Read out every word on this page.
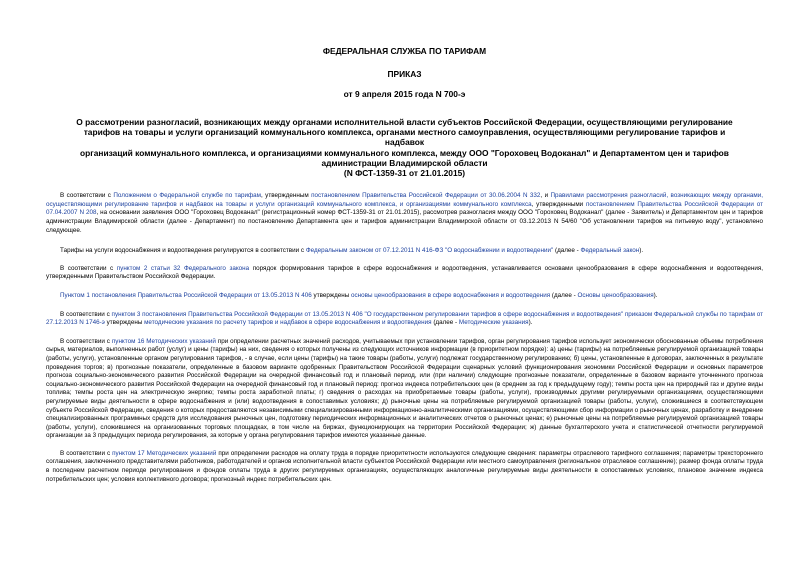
ФЕДЕРАЛЬНАЯ СЛУЖБА ПО ТАРИФАМ

ПРИКАЗ

от 9 апреля 2015 года N 700-э

О рассмотрении разногласий, возникающих между органами исполнительной власти субъектов Российской Федерации, осуществляющими регулирование
тарифов на товары и услуги организаций коммунального комплекса, органами местного самоуправления, осуществляющими регулирование тарифов и надбавок
организаций коммунального комплекса, и организациями коммунального комплекса, между ООО "Гороховец Водоканал" и Департаментом цен и тарифов
администрации Владимирской области
(N ФСТ-1359-31 от 21.01.2015)

В соответствии с Положением о Федеральной службе по тарифам, утвержденным постановлением Правительства Российской Федерации от 30.06.2004 N 332, и Правилами рассмотрения разногласий, возникающих между органами, осуществляющими регулирование тарифов и надбавок на товары и услуги организаций коммунального комплекса, и организациями коммунального комплекса, утвержденными постановлением Правительства Российской Федерации от 07.04.2007 N 208, на основании заявления ООО "Гороховец Водоканал" (регистрационный номер ФСТ-1359-31 от 21.01.2015), рассмотрев разногласия между ООО "Гороховец Водоканал" (далее - Заявитель) и Департаментом цен и тарифов администрации Владимирской области (далее - Департамент) по постановлению Департамента цен и тарифов администрации Владимирской области от 03.12.2013 N 54/60 "Об установлении тарифов на питьевую воду", установлено следующее.

Тарифы на услуги водоснабжения и водоотведения регулируются в соответствии с Федеральным законом от 07.12.2011 N 416-ФЗ "О водоснабжении и водоотведении" (далее - Федеральный закон).

В соответствии с пунктом 2 статьи 32 Федерального закона порядок формирования тарифов в сфере водоснабжения и водоотведения, устанавливается основами ценообразования в сфере водоснабжения и водоотведения, утвержденными Правительством Российской Федерации.

Пунктом 1 постановления Правительства Российской Федерации от 13.05.2013 N 406 утверждены основы ценообразования в сфере водоснабжения и водоотведения (далее - Основы ценообразования).

В соответствии с пунктом 3 постановления Правительства Российской Федерации от 13.05.2013 N 406 "О государственном регулировании тарифов в сфере водоснабжения и водоотведения" приказом Федеральной службы по тарифам от 27.12.2013 N 1746-э утверждены методические указания по расчету тарифов и надбавок в сфере водоснабжения и водоотведения (далее - Методические указания).

В соответствии с пунктом 16 Методических указаний при определении расчетных значений расходов, учитываемых при установлении тарифов, орган регулирования тарифов использует экономически обоснованные объемы потребления сырья, материалов, выполненных работ (услуг) и цены (тарифы) на них, сведения о которых получены из следующих источников информации (в приоритетном порядке): а) цены (тарифы) на потребляемые регулируемой организацией товары (работы, услуги), установленные органом регулирования тарифов, - в случае, если цены (тарифы) на такие товары (работы, услуги) подлежат государственному регулированию; б) цены, установленные в договорах, заключенных в результате проведения торгов; в) прогнозные показатели, определенные в базовом варианте одобренных Правительством Российской Федерации сценарных условий функционирования экономики Российской Федерации и основных параметров прогноза социально-экономического развития Российской Федерации на очередной финансовый год и плановый период, или (при наличии) следующие прогнозные показатели, определенные в базовом варианте уточненного прогноза социально-экономического развития Российской Федерации на очередной финансовый год и плановый период: прогноз индекса потребительских цен (в среднем за год к предыдущему году); темпы роста цен на природный газ и другие виды топлива; темпы роста цен на электрическую энергию; темпы роста заработной платы; г) сведения о расходах на приобретаемые товары (работы, услуги), производимых другими регулируемыми организациями, осуществляющими регулируемые виды деятельности в сфере водоснабжения и (или) водоотведения в сопоставимых условиях; д) рыночные цены на потребляемые регулируемой организацией товары (работы, услуги), сложившиеся в соответствующем субъекте Российской Федерации, сведения о которых предоставляются независимыми специализированными информационно-аналитическими организациями, осуществляющими сбор информации о рыночных ценах, разработку и внедрение специализированных программных средств для исследования рыночных цен, подготовку периодических информационных и аналитических отчетов о рыночных ценах; е) рыночные цены на потребляемые регулируемой организацией товары (работы, услуги), сложившиеся на организованных торговых площадках, в том числе на биржах, функционирующих на территории Российской Федерации; ж) данные бухгалтерского учета и статистической отчетности регулируемой организации за 3 предыдущих периода регулирования, за которые у органа регулирования тарифов имеются указанные данные.

В соответствии с пунктом 17 Методических указаний при определении расходов на оплату труда в порядке приоритетности используются следующие сведения: параметры отраслевого тарифного соглашения; параметры трехстороннего соглашения, заключенного представителями работников, работодателей и органов исполнительной власти субъектов Российской Федерации или местного самоуправления (региональное отраслевое соглашение); размер фонда оплаты труда в последнем расчетном периоде регулирования и фондов оплаты труда в других регулируемых организациях, осуществляющих аналогичные регулируемые виды деятельности в сопоставимых условиях, плановое значение индекса потребительских цен; условия коллективного договора; прогнозный индекс потребительских цен.
